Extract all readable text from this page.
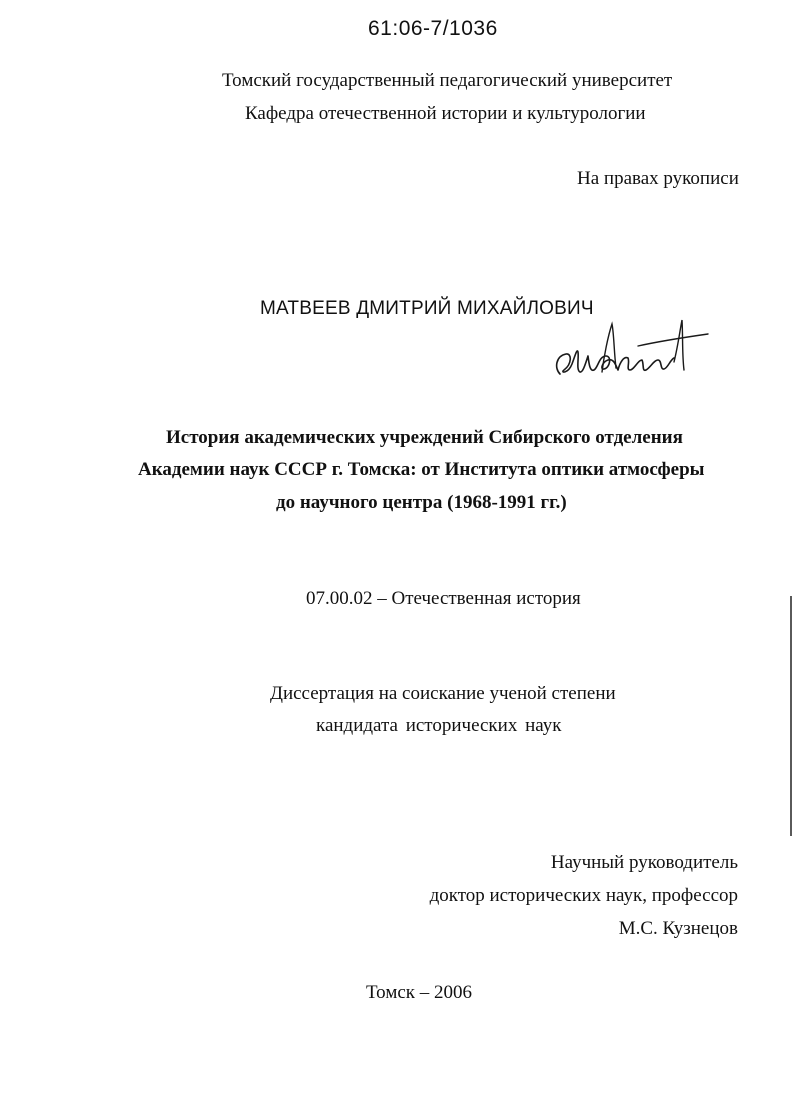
61:06-7/1036
Томский государственный педагогический университет
Кафедра отечественной истории и культурологии
На правах рукописи
МАТВЕЕВ ДМИТРИЙ МИХАЙЛОВИЧ
История академических учреждений Сибирского отделения
Академии наук СССР г. Томска: от Института оптики атмосферы
до научного центра (1968-1991 гг.)
07.00.02 – Отечественная история
Диссертация на соискание ученой степени
кандидата исторических наук
Научный руководитель
доктор исторических наук, профессор
М.С. Кузнецов
Томск – 2006
